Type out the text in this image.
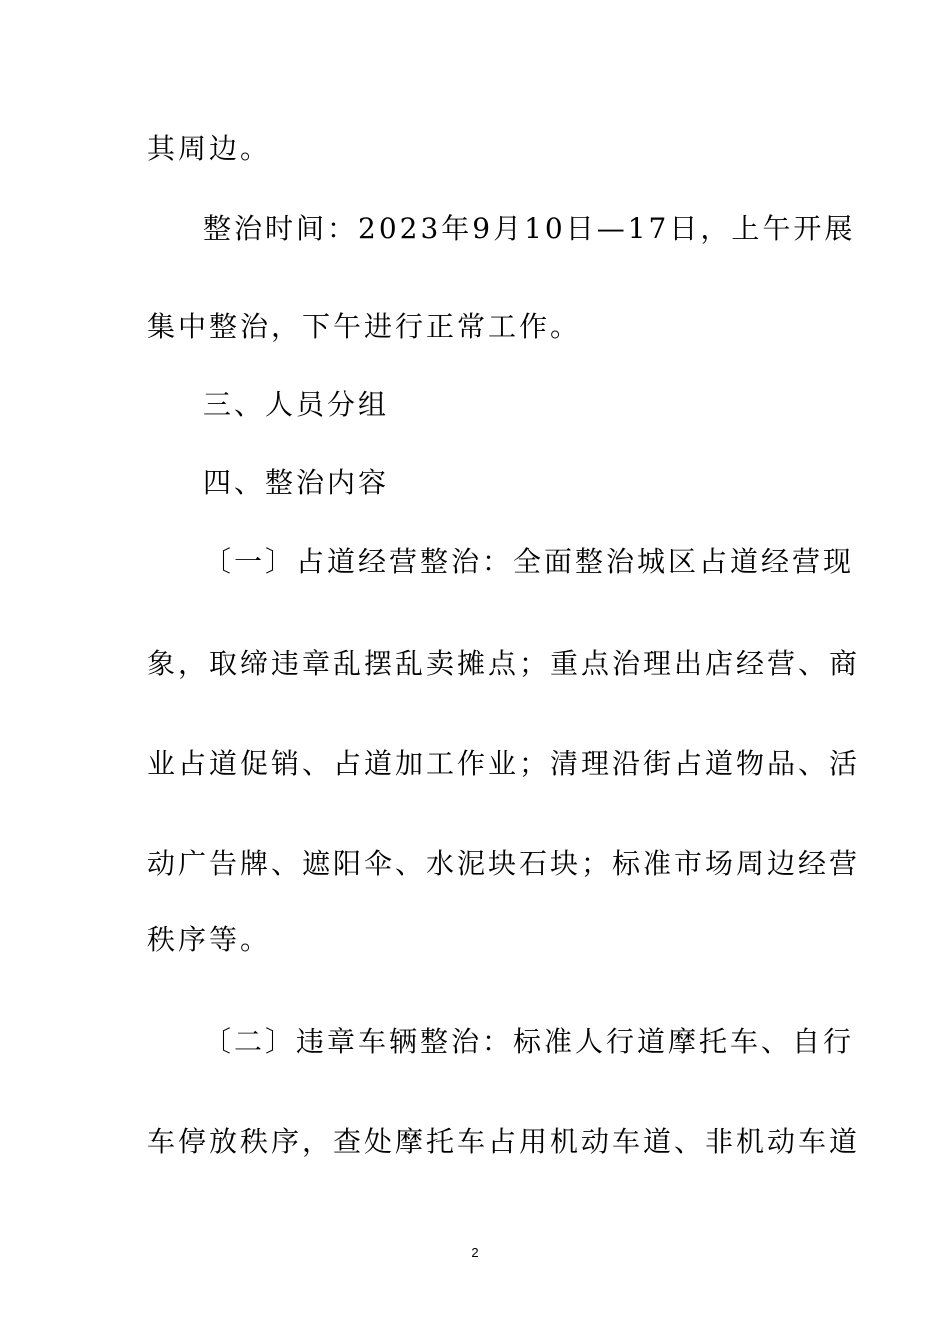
其周边。
整治时间：2023年9月10日—17日，上午开展
集中整治，下午进行正常工作。
三、人员分组
四、整治内容
〔一〕占道经营整治：全面整治城区占道经营现
象，取缔违章乱摆乱卖摊点；重点治理出店经营、商
业占道促销、占道加工作业；清理沿街占道物品、活
动广告牌、遮阳伞、水泥块石块；标准市场周边经营
秩序等。
〔二〕违章车辆整治：标准人行道摩托车、自行
车停放秩序，查处摩托车占用机动车道、非机动车道
2
